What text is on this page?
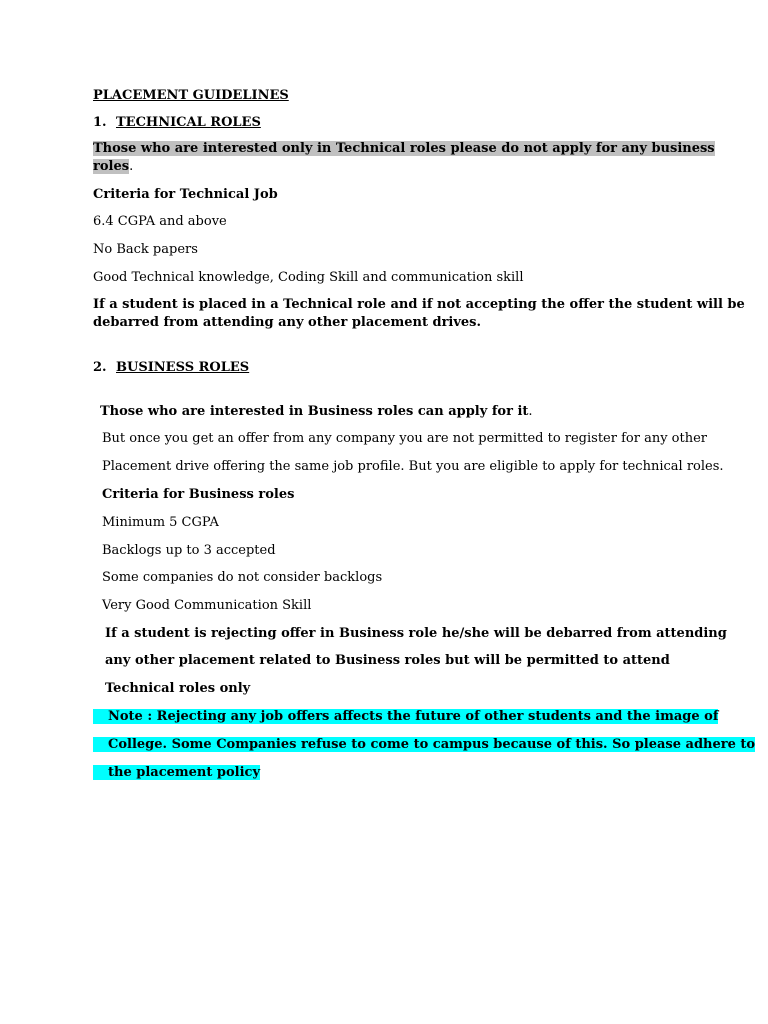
PLACEMENT GUIDELINES
1. TECHNICAL ROLES
Those who are interested only in Technical roles please do not apply for any business
roles.
Criteria for Technical Job
6.4 CGPA and above
No Back papers
Good Technical knowledge, Coding Skill and communication skill
If a student is placed in a Technical role and if not accepting the offer the student will be
debarred from attending any other placement drives.
2. BUSINESS ROLES
Those who are interested in Business roles can apply for it.
But once you get an offer from any company you are not permitted to register for any other
Placement drive offering the same job profile. But you are eligible to apply for technical roles.
Criteria for Business roles
Minimum 5 CGPA
Backlogs up to 3 accepted
Some companies do not consider backlogs
Very Good Communication Skill
If a student is rejecting offer in Business role he/she will be debarred from attending
any other placement related to Business roles but will be permitted to attend
Technical roles only
Note : Rejecting any job offers affects the future of other students and the image of
College. Some Companies refuse to come to campus because of this. So please adhere to
the placement policy
